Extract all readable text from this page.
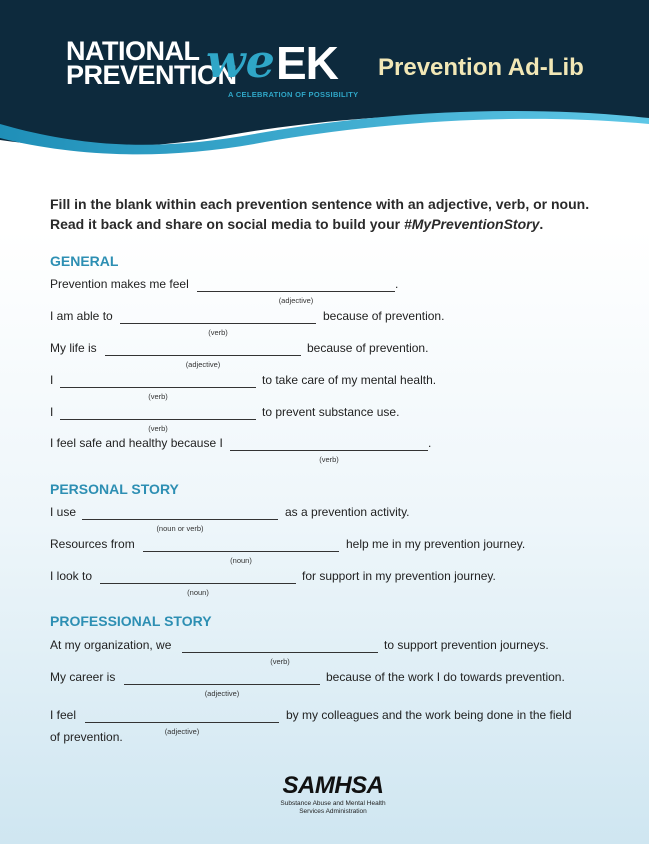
NATIONAL
PREVENTION
we EK
A CELEBRATION OF POSSIBILITY
Prevention Ad-Lib
Fill in the blank within each prevention sentence with an adjective, verb, or noun. Read it back and share on social media to build your #MyPreventionStory.
GENERAL
Prevention makes me feel
(adjective)
.
I am able to
(verb)
because of prevention.
My life is
(adjective)
because of prevention.
I
(verb)
to take care of my mental health.
I
(verb)
to prevent substance use.
I feel safe and healthy because I
(verb)
.
PERSONAL STORY
I use
(noun or verb)
as a prevention activity.
Resources from
(noun)
help me in my prevention journey.
I look to
(noun)
for support in my prevention journey.
PROFESSIONAL STORY
At my organization, we
(verb)
to support prevention journeys.
My career is
(adjective)
because of the work I do towards prevention.
I feel
(adjective)
by my colleagues and the work being done in the field
of prevention.
SAMHSA
Substance Abuse and Mental Health
Services Administration
